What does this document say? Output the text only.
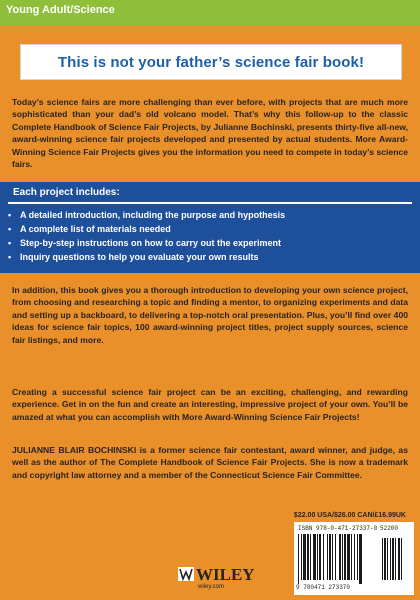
Young Adult/Science
This is not your father’s science fair book!

Today’s science fairs are more challenging than ever before, with projects that are much more sophisticated than your dad’s old volcano model. That’s why this follow-up to the classic Complete Handbook of Science Fair Projects, by Julianne Bochinski, presents thirty-five all-new, award-winning science fair projects developed and presented by actual students. More Award-Winning Science Fair Projects gives you the information you need to compete in today’s science fairs.

Each project includes:
• A detailed introduction, including the purpose and hypothesis
• A complete list of materials needed
• Step-by-step instructions on how to carry out the experiment
• Inquiry questions to help you evaluate your own results

In addition, this book gives you a thorough introduction to developing your own science project, from choosing and researching a topic and finding a mentor, to organizing experiments and data and setting up a backboard, to delivering a top-notch oral presentation. Plus, you’ll find over 400 ideas for science fair topics, 100 award-winning project titles, project supply sources, science fair listings, and more.

Creating a successful science fair project can be an exciting, challenging, and rewarding experience. Get in on the fun and create an interesting, impressive project of your own. You’ll be amazed at what you can accomplish with More Award-Winning Science Fair Projects!

JULIANNE BLAIR BOCHINSKI is a former science fair contestant, award winner, and judge, as well as the author of The Complete Handbook of Science Fair Projects. She is now a trademark and copyright law attorney and a member of the Connecticut Science Fair Committee.

$22.00 USA/$26.00 CAN/£16.99UK
WILEY
wiley.com
ISBN 978-0-471-27337-0 52200
9 780471 273370
